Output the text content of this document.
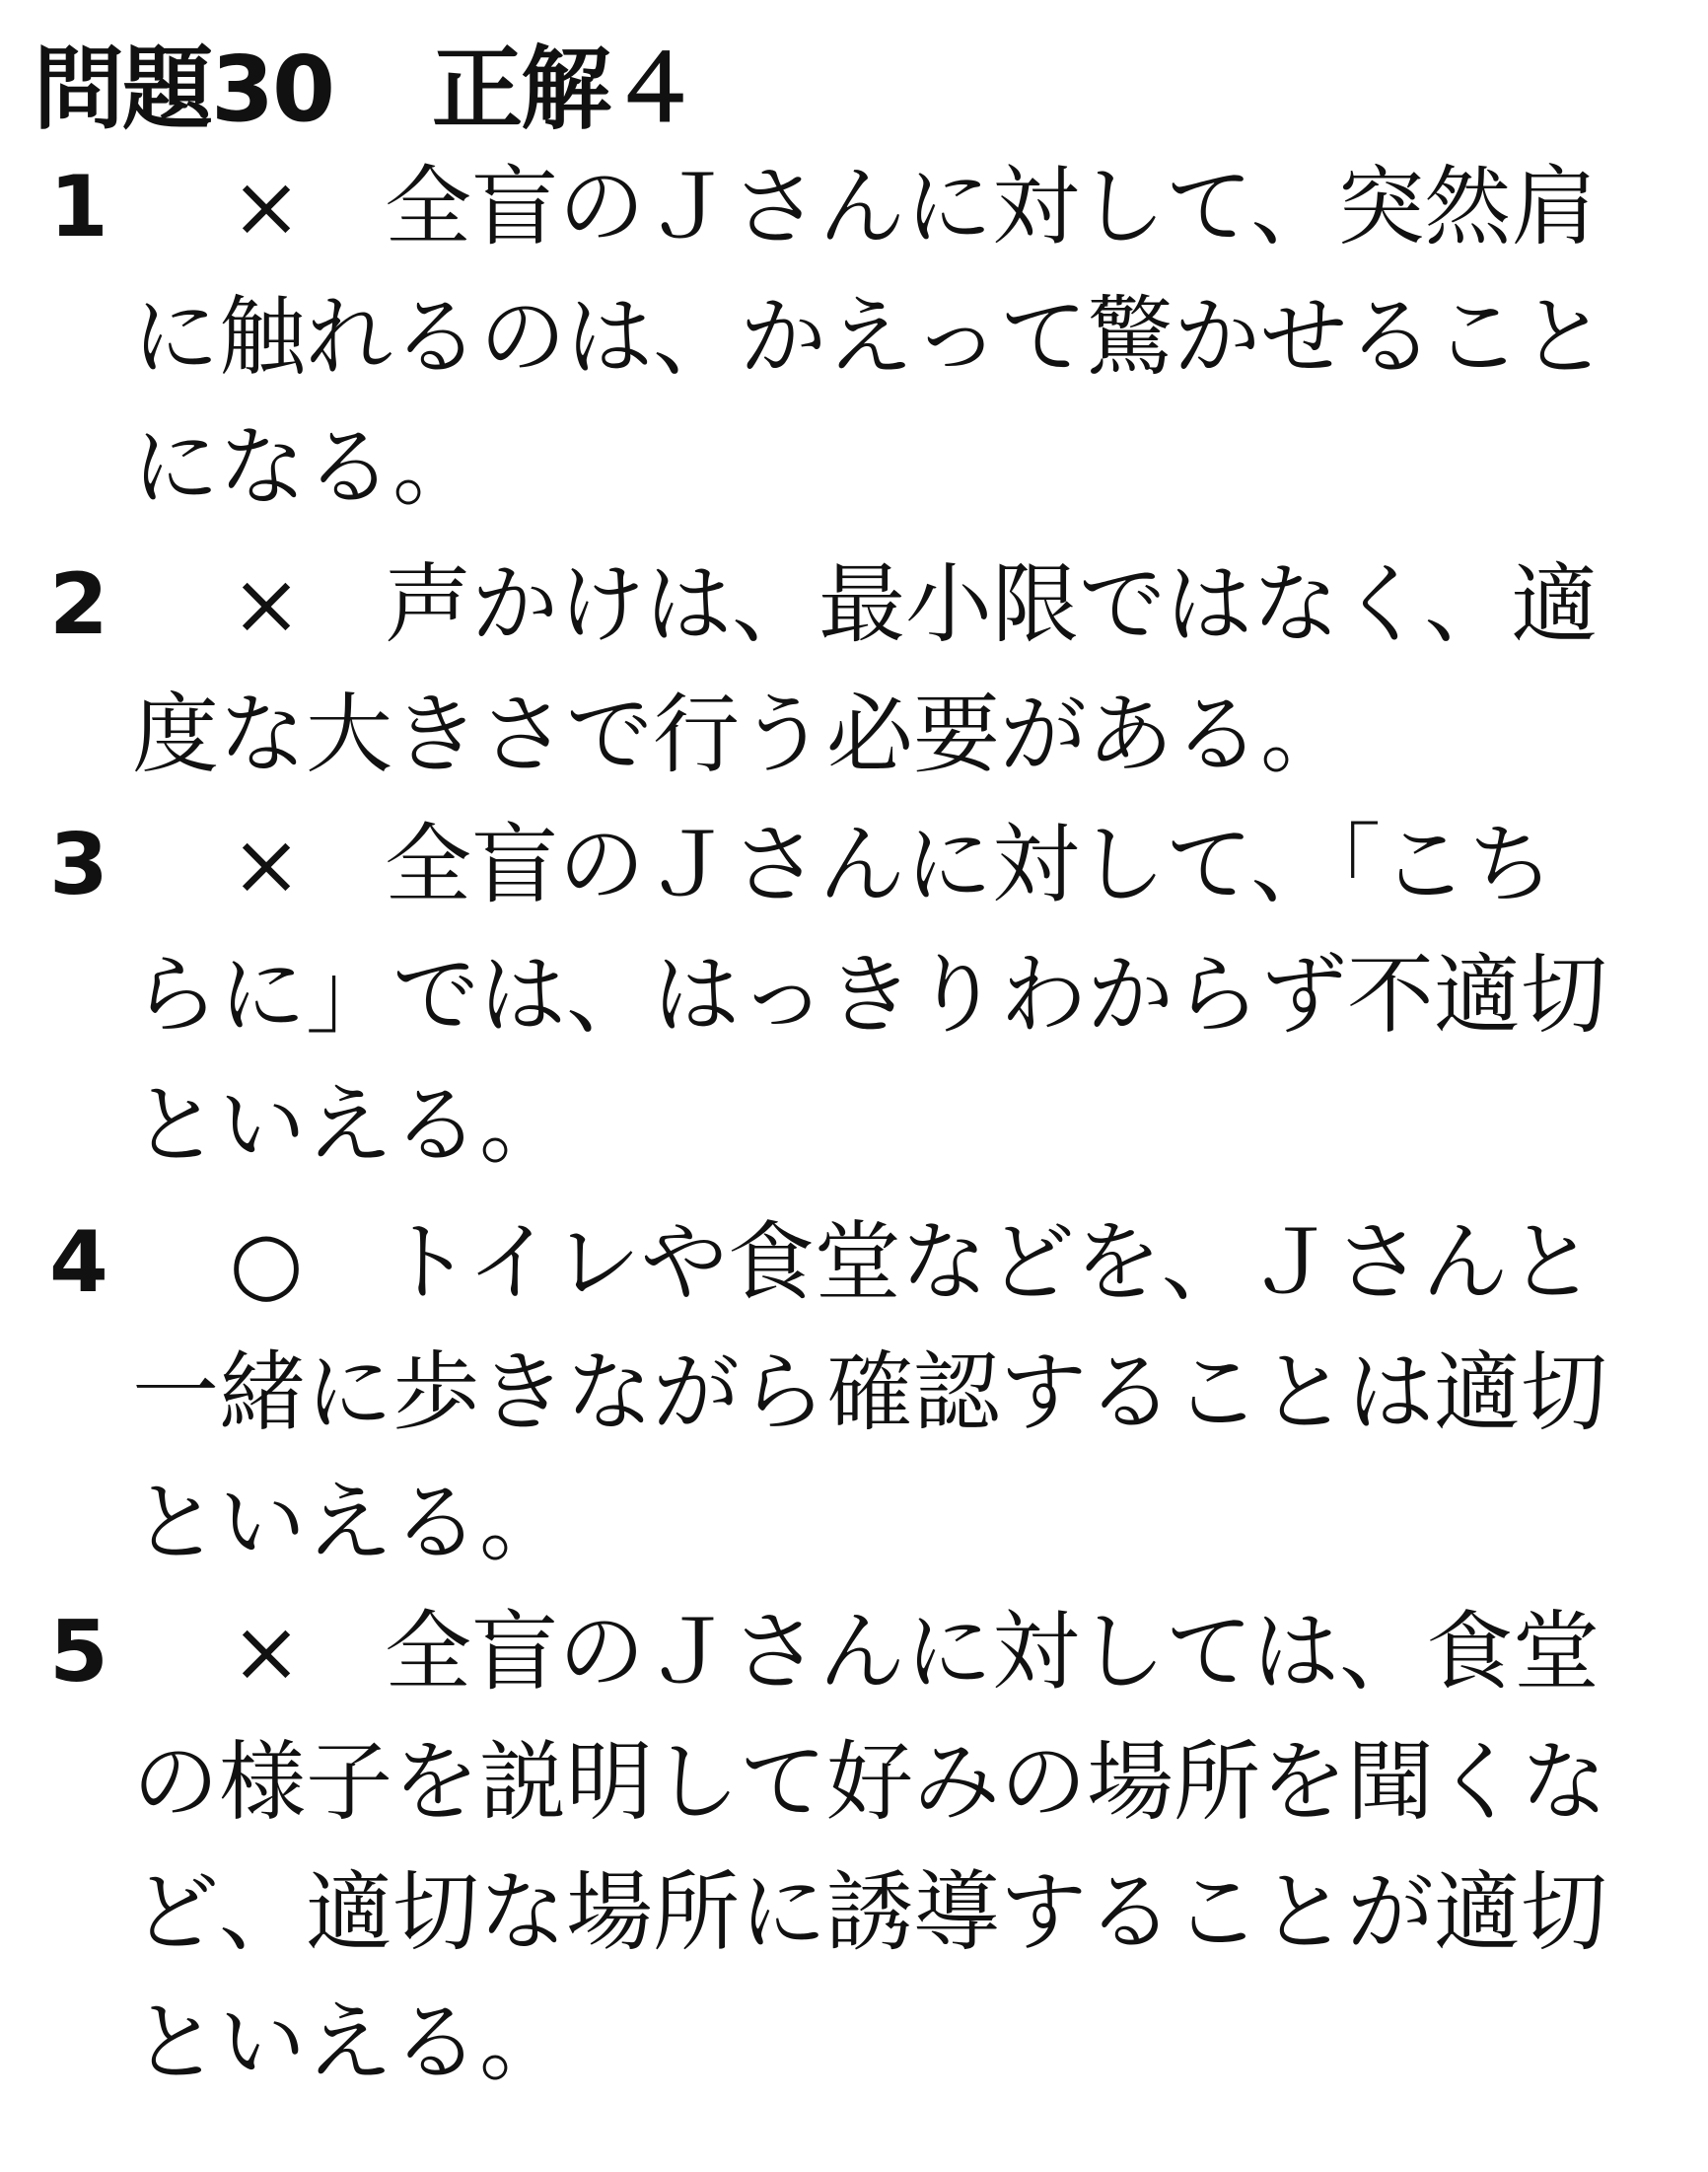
問題30 正解４
1 × 全盲のＪさんに対して、突然肩
に触れるのは、かえって驚かせること
になる。
2 × 声かけは、最小限ではなく、適
度な大きさで行う必要がある。
3 × 全盲のＪさんに対して、「こち
らに」では、はっきりわからず不適切
といえる。
4 ○ トイレや食堂などを、Ｊさんと
一緒に歩きながら確認することは適切
といえる。
5 × 全盲のＪさんに対しては、食堂
の様子を説明して好みの場所を聞くな
ど、適切な場所に誘導することが適切
といえる。
